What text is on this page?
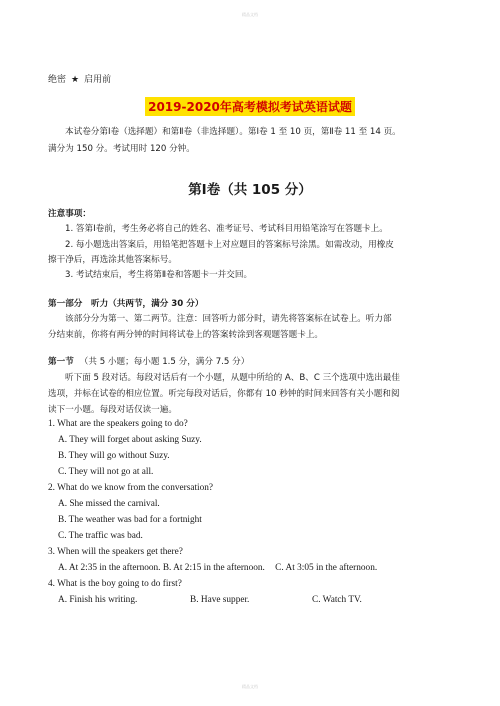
精品文档
绝密 ★ 启用前
2019-2020年高考模拟考试英语试题
本试卷分第Ⅰ卷（选择题）和第Ⅱ卷（非选择题）。第Ⅰ卷 1 至 10 页，第Ⅱ卷 11 至 14 页。
满分为 150 分。考试用时 120 分钟。
第Ⅰ卷（共 105 分）
注意事项：
1. 答第Ⅰ卷前，考生务必将自己的姓名、准考证号、考试科目用铅笔涂写在答题卡上。
2. 每小题选出答案后，用铅笔把答题卡上对应题目的答案标号涂黑。如需改动，用橡皮
擦干净后，再选涂其他答案标号。
3. 考试结束后，考生将第Ⅱ卷和答题卡一并交回。
第一部分　听力（共两节，满分 30 分）
该部分分为第一、第二两节。注意：回答听力部分时，请先将答案标在试卷上。听力部
分结束前，你将有两分钟的时间将试卷上的答案转涂到客观题答题卡上。
第一节 （共 5 小题；每小题 1.5 分，满分 7.5 分）
听下面 5 段对话。每段对话后有一个小题，从题中所给的 A、B、C 三个选项中选出最佳
选项，并标在试卷的相应位置。听完每段对话后，你都有 10 秒钟的时间来回答有关小题和阅
读下一小题。每段对话仅读一遍。
1. What are the speakers going to do?
A. They will forget about asking Suzy.
B. They will go without Suzy.
C. They will not go at all.
2. What do we know from the conversation?
A. She missed the carnival.
B. The weather was bad for a fortnight
C. The traffic was bad.
3. When will the speakers get there?
A. At 2:35 in the afternoon. B. At 2:15 in the afternoon. C. At 3:05 in the afternoon.
4. What is the boy going to do first?
A. Finish his writing.	B. Have supper.	C. Watch TV.
精品文档
